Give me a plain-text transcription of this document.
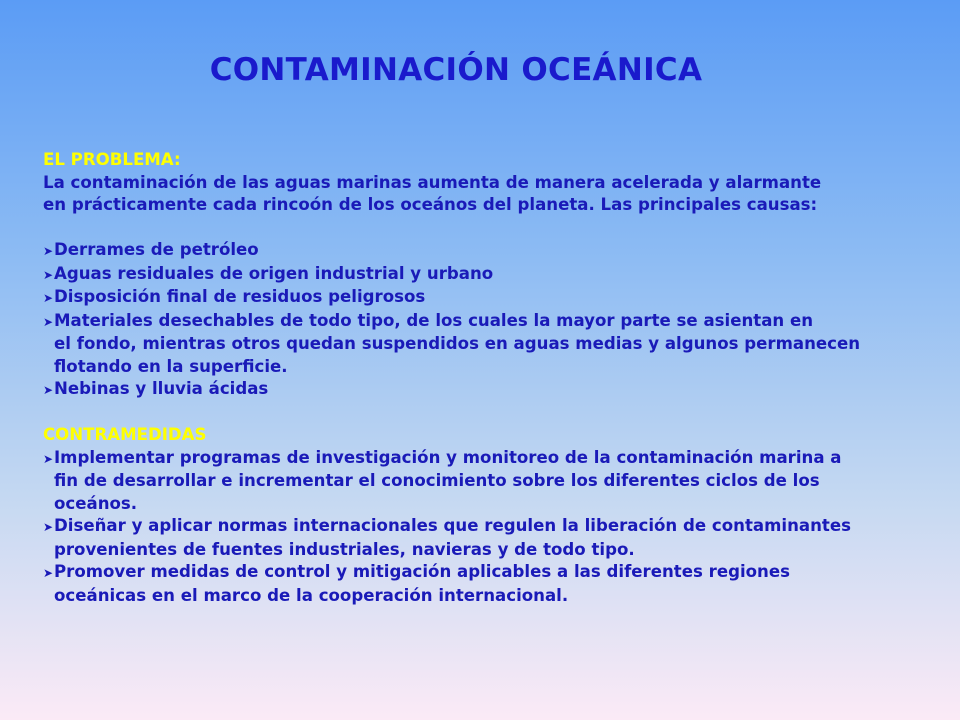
CONTAMINACIÓN OCEÁNICA
EL PROBLEMA:
La contaminación de las aguas marinas aumenta de manera acelerada y alarmante
en prácticamente cada rincoón de los oceános del planeta. Las principales causas:
➤Derrames de petróleo
➤Aguas residuales de origen industrial y urbano
➤Disposición final de residuos peligrosos
➤Materiales desechables de todo tipo, de los cuales la mayor parte se asientan en
el fondo, mientras otros quedan suspendidos en aguas medias y algunos permanecen
flotando en la superficie.
➤Nebinas y lluvia ácidas
CONTRAMEDIDAS
➤Implementar programas de investigación y monitoreo de la contaminación marina a
fin de desarrollar e incrementar el conocimiento sobre los diferentes ciclos de los
oceános.
➤Diseñar y aplicar normas internacionales que regulen la liberación de contaminantes
provenientes de fuentes industriales, navieras y de todo tipo.
➤Promover medidas de control y mitigación aplicables a las diferentes regiones
oceánicas en el marco de la cooperación internacional.
